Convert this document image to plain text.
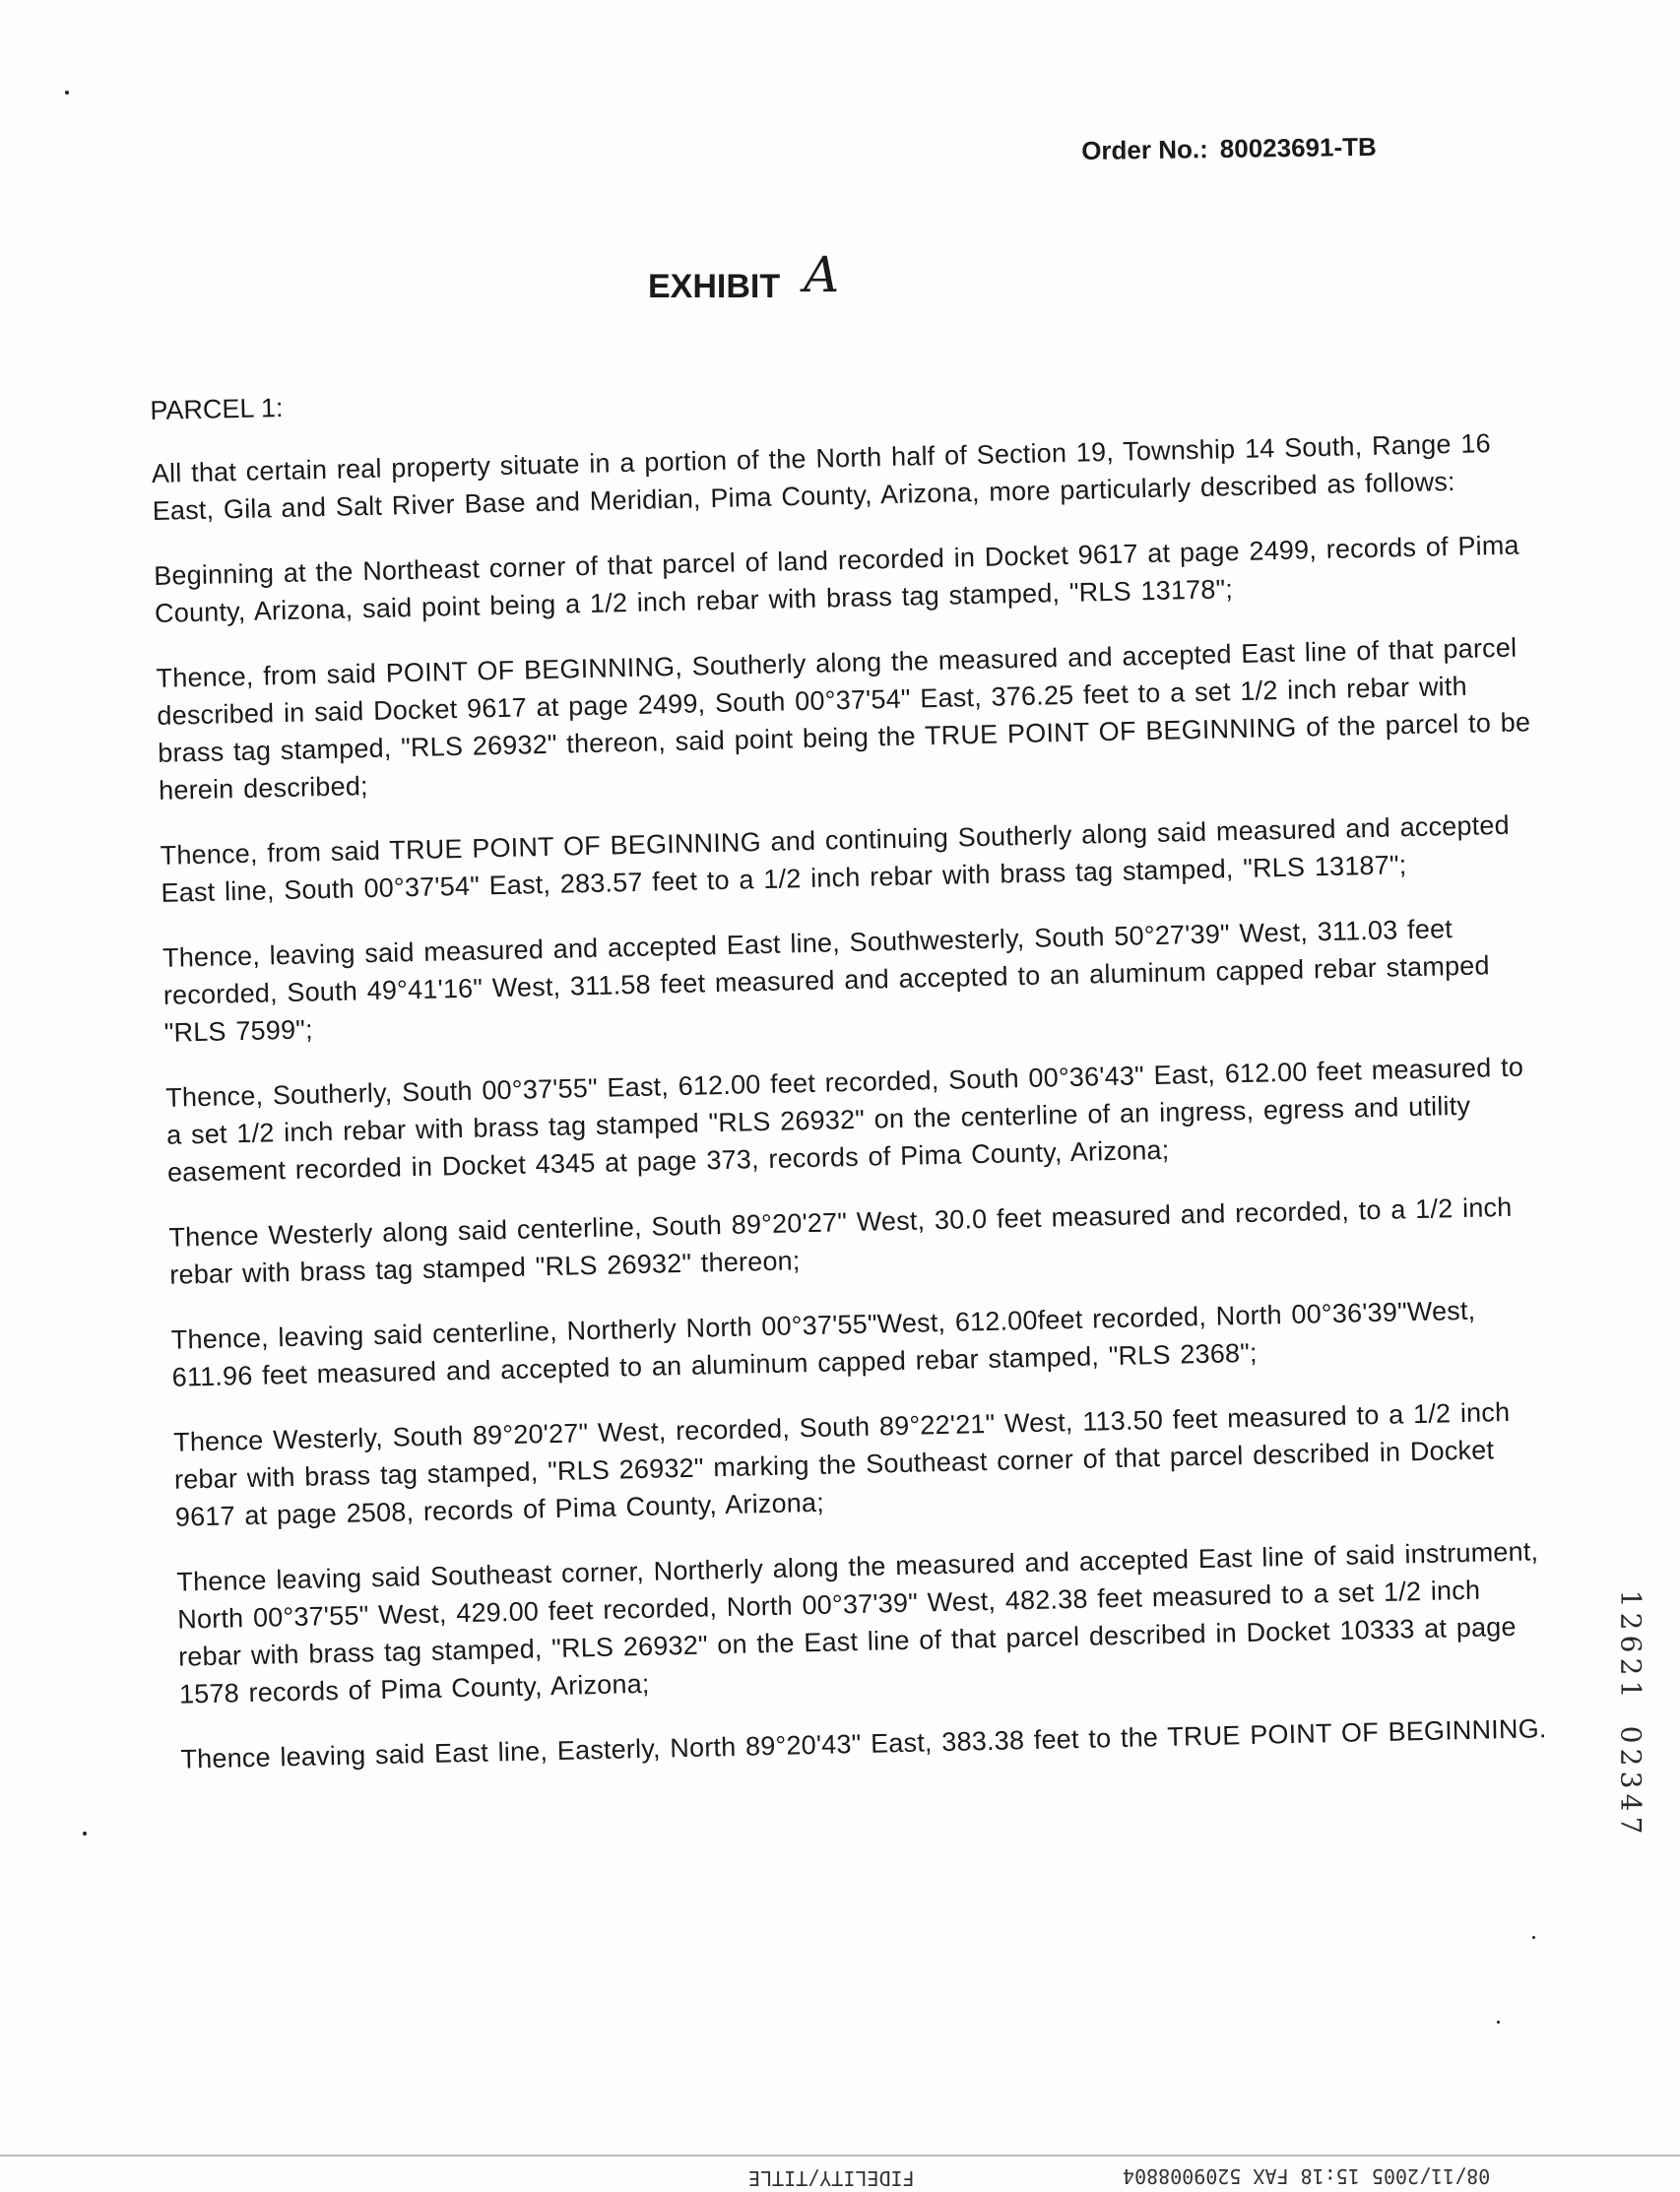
Order No.: 80023691-TB
EXHIBIT A
PARCEL 1:

All that certain real property situate in a portion of the North half of Section 19, Township 14 South, Range 16 East, Gila and Salt River Base and Meridian, Pima County, Arizona, more particularly described as follows:

Beginning at the Northeast corner of that parcel of land recorded in Docket 9617 at page 2499, records of Pima County, Arizona, said point being a 1/2 inch rebar with brass tag stamped, "RLS 13178";

Thence, from said POINT OF BEGINNING, Southerly along the measured and accepted East line of that parcel described in said Docket 9617 at page 2499, South 00°37'54" East, 376.25 feet to a set 1/2 inch rebar with brass tag stamped, "RLS 26932" thereon, said point being the TRUE POINT OF BEGINNING of the parcel to be herein described;

Thence, from said TRUE POINT OF BEGINNING and continuing Southerly along said measured and accepted East line, South 00°37'54" East, 283.57 feet to a 1/2 inch rebar with brass tag stamped, "RLS 13187";

Thence, leaving said measured and accepted East line, Southwesterly, South 50°27'39" West, 311.03 feet recorded, South 49°41'16" West, 311.58 feet measured and accepted to an aluminum capped rebar stamped "RLS 7599";

Thence, Southerly, South 00°37'55" East, 612.00 feet recorded, South 00°36'43" East, 612.00 feet measured to a set 1/2 inch rebar with brass tag stamped "RLS 26932" on the centerline of an ingress, egress and utility easement recorded in Docket 4345 at page 373, records of Pima County, Arizona;

Thence Westerly along said centerline, South 89°20'27" West, 30.0 feet measured and recorded, to a 1/2 inch rebar with brass tag stamped "RLS 26932" thereon;

Thence, leaving said centerline, Northerly North 00°37'55"West, 612.00feet recorded, North 00°36'39"West, 611.96 feet measured and accepted to an aluminum capped rebar stamped, "RLS 2368";

Thence Westerly, South 89°20'27" West, recorded, South 89°22'21" West, 113.50 feet measured to a 1/2 inch rebar with brass tag stamped, "RLS 26932" marking the Southeast corner of that parcel described in Docket 9617 at page 2508, records of Pima County, Arizona;

Thence leaving said Southeast corner, Northerly along the measured and accepted East line of said instrument, North 00°37'55" West, 429.00 feet recorded, North 00°37'39" West, 482.38 feet measured to a set 1/2 inch rebar with brass tag stamped, "RLS 26932" on the East line of that parcel described in Docket 10333 at page 1578 records of Pima County, Arizona;

Thence leaving said East line, Easterly, North 89°20'43" East, 383.38 feet to the TRUE POINT OF BEGINNING.

1
2
6
2
1

0
2
3
4
7
FIDELITY/TITLE	08/11/2005 15:18 FAX 5209008804
